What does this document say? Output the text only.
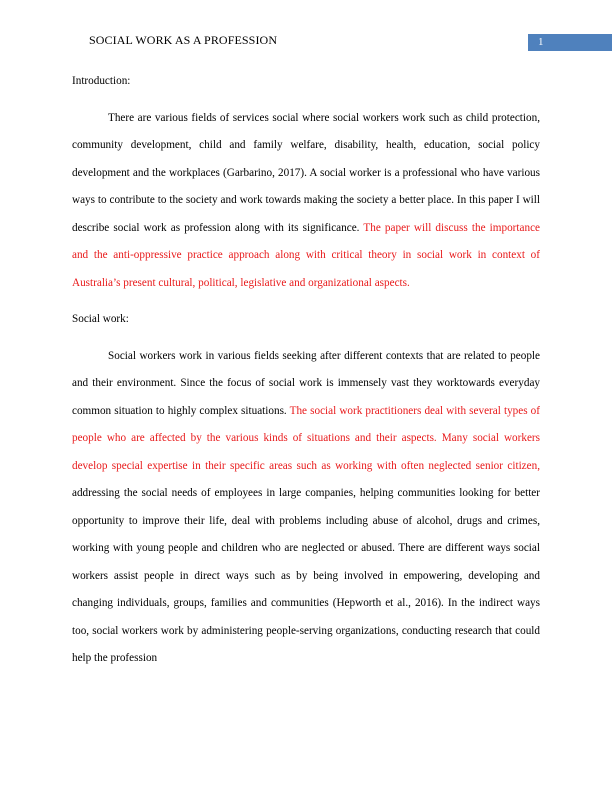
SOCIAL WORK AS A PROFESSION	1

Introduction:

There are various fields of services social where social workers work such as child protection, community development, child and family welfare, disability, health, education, social policy development and the workplaces (Garbarino, 2017). A social worker is a professional who have various ways to contribute to the society and work towards making the society a better place. In this paper I will describe social work as profession along with its significance. The paper will discuss the importance and the anti-oppressive practice approach along with critical theory in social work in context of Australia’s present cultural, political, legislative and organizational aspects.

Social work:

Social workers work in various fields seeking after different contexts that are related to people and their environment. Since the focus of social work is immensely vast they worktowards everyday common situation to highly complex situations. The social work practitioners deal with several types of people who are affected by the various kinds of situations and their aspects. Many social workers develop special expertise in their specific areas such as working with often neglected senior citizen, addressing the social needs of employees in large companies, helping communities looking for better opportunity to improve their life, deal with problems including abuse of alcohol, drugs and crimes, working with young people and children who are neglected or abused. There are different ways social workers assist people in direct ways such as by being involved in empowering, developing and changing individuals, groups, families and communities (Hepworth et al., 2016). In the indirect ways too, social workers work by administering people-serving organizations, conducting research that could help the profession
